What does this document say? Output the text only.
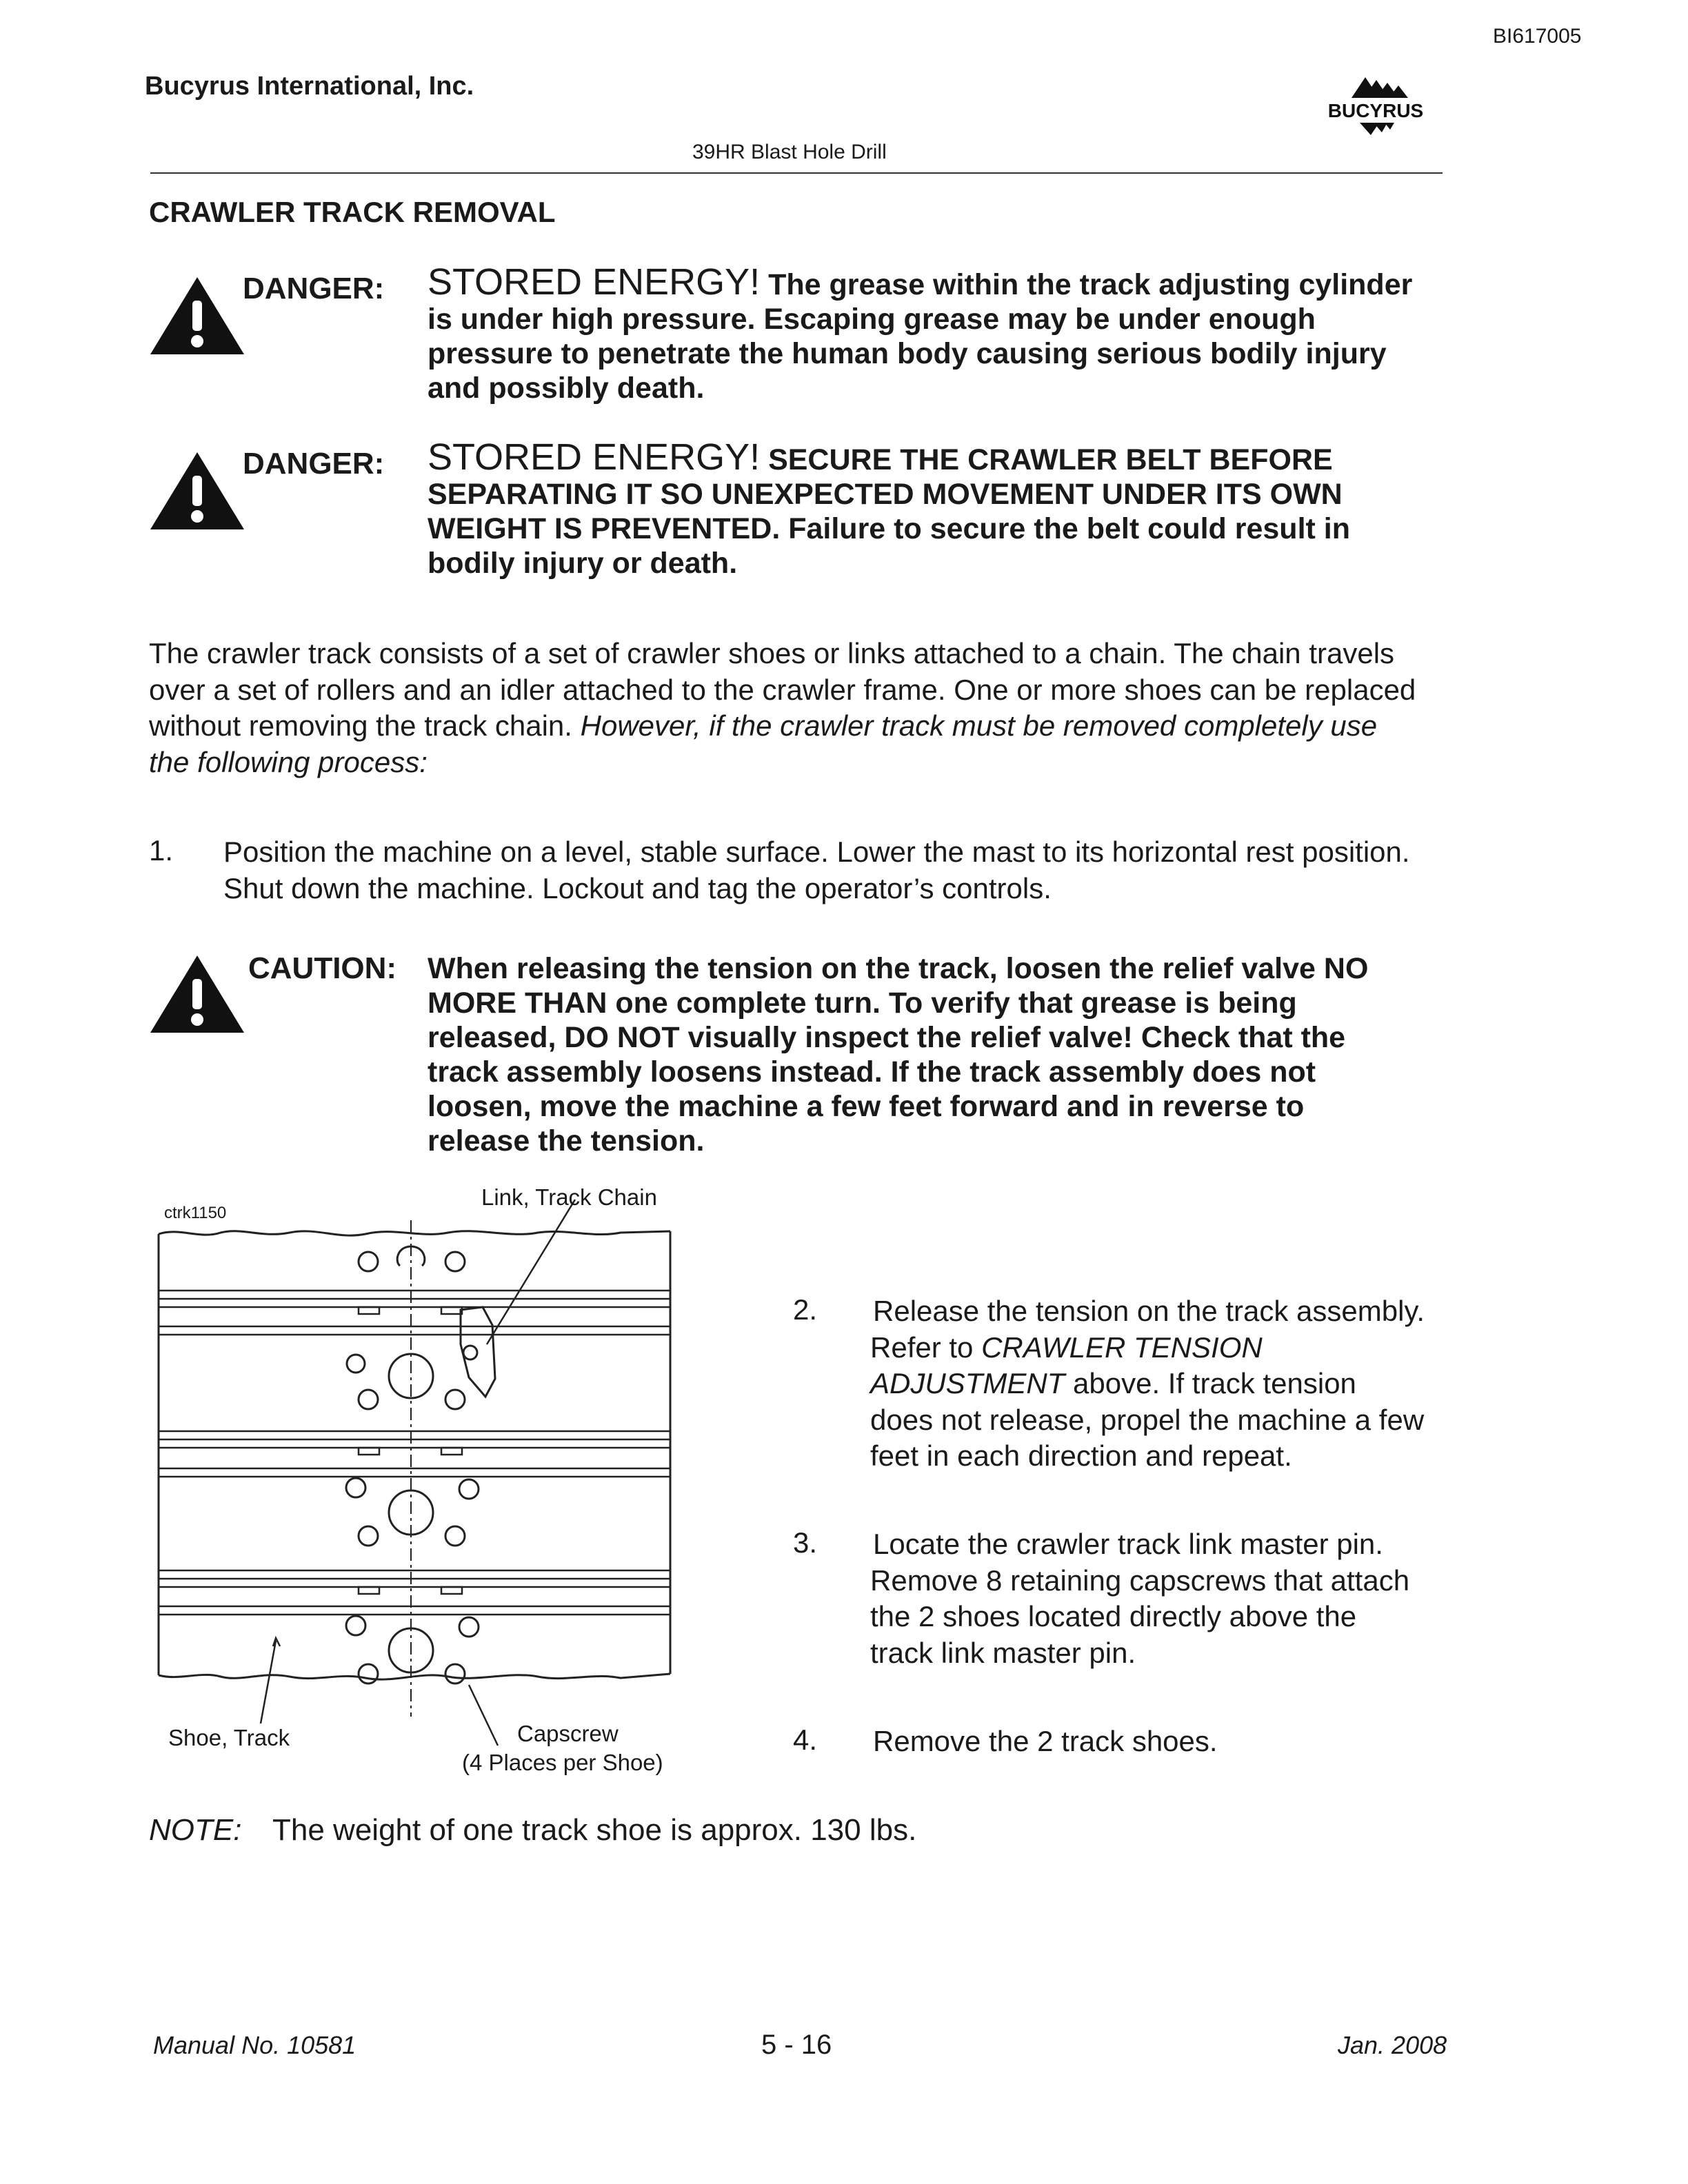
BI617005
Bucyrus International, Inc.
BUCYRUS
39HR Blast Hole Drill
CRAWLER TRACK REMOVAL
DANGER: STORED ENERGY! The grease within the track adjusting cylinder
is under high pressure. Escaping grease may be under enough
pressure to penetrate the human body causing serious bodily injury
and possibly death.
DANGER: STORED ENERGY! SECURE THE CRAWLER BELT BEFORE
SEPARATING IT SO UNEXPECTED MOVEMENT UNDER ITS OWN
WEIGHT IS PREVENTED. Failure to secure the belt could result in
bodily injury or death.
The crawler track consists of a set of crawler shoes or links attached to a chain. The chain travels
over a set of rollers and an idler attached to the crawler frame. One or more shoes can be replaced
without removing the track chain. However, if the crawler track must be removed completely use
the following process:
1. Position the machine on a level, stable surface. Lower the mast to its horizontal rest position.
Shut down the machine. Lockout and tag the operator’s controls.
CAUTION: When releasing the tension on the track, loosen the relief valve NO
MORE THAN one complete turn. To verify that grease is being
released, DO NOT visually inspect the relief valve! Check that the
track assembly loosens instead. If the track assembly does not
loosen, move the machine a few feet forward and in reverse to
release the tension.
ctrk1150
Link, Track Chain
Shoe, Track	Capscrew
(4 Places per Shoe)
2. Release the tension on the track assembly.
Refer to CRAWLER TENSION
ADJUSTMENT above. If track tension
does not release, propel the machine a few
feet in each direction and repeat.
3. Locate the crawler track link master pin.
Remove 8 retaining capscrews that attach
the 2 shoes located directly above the
track link master pin.
4. Remove the 2 track shoes.
NOTE: The weight of one track shoe is approx. 130 lbs.
Manual No. 10581	5 - 16	Jan. 2008
